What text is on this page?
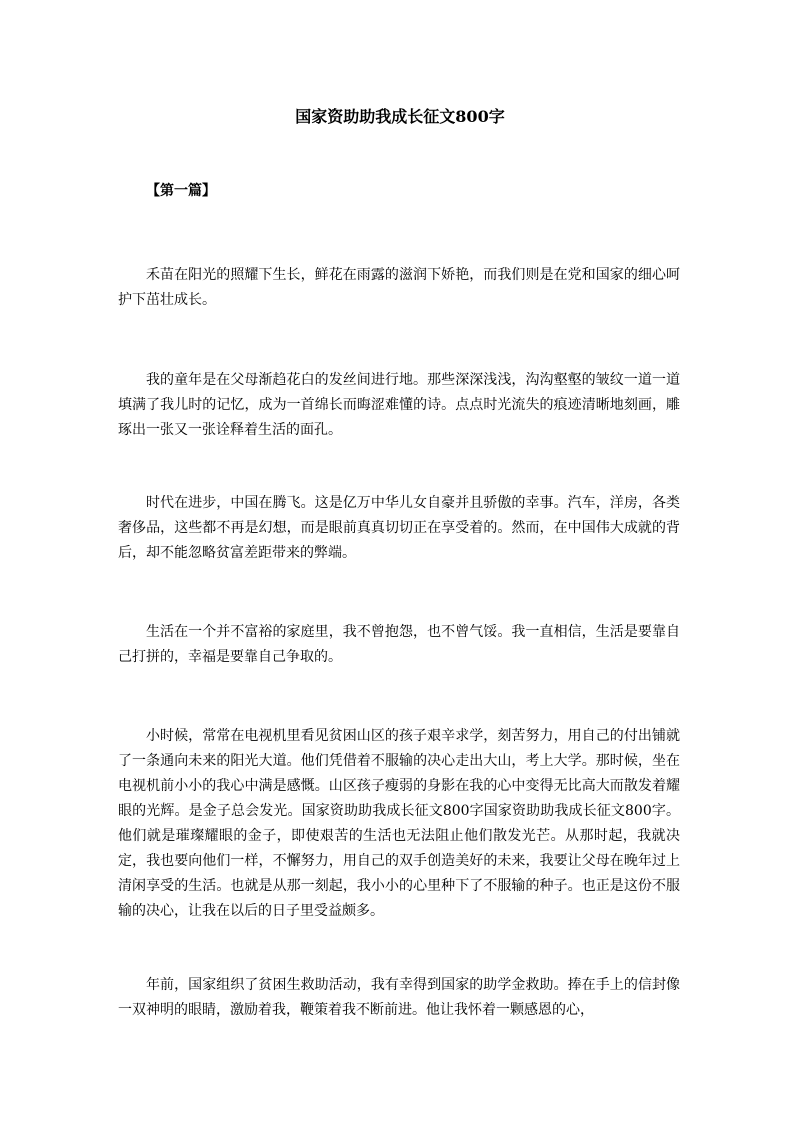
国家资助助我成长征文800字
【第一篇】

禾苗在阳光的照耀下生长，鲜花在雨露的滋润下娇艳，而我们则是在党和国家的细心呵护下茁壮成长。

我的童年是在父母渐趋花白的发丝间进行地。那些深深浅浅，沟沟壑壑的皱纹一道一道填满了我儿时的记忆，成为一首绵长而晦涩难懂的诗。点点时光流失的痕迹清晰地刻画，雕琢出一张又一张诠释着生活的面孔。

时代在进步，中国在腾飞。这是亿万中华儿女自豪并且骄傲的幸事。汽车，洋房，各类奢侈品，这些都不再是幻想，而是眼前真真切切正在享受着的。然而，在中国伟大成就的背后，却不能忽略贫富差距带来的弊端。

生活在一个并不富裕的家庭里，我不曾抱怨，也不曾气馁。我一直相信，生活是要靠自己打拼的，幸福是要靠自己争取的。

小时候，常常在电视机里看见贫困山区的孩子艰辛求学，刻苦努力，用自己的付出铺就了一条通向未来的阳光大道。他们凭借着不服输的决心走出大山，考上大学。那时候，坐在电视机前小小的我心中满是感慨。山区孩子瘦弱的身影在我的心中变得无比高大而散发着耀眼的光辉。是金子总会发光。国家资助助我成长征文800字国家资助助我成长征文800字。他们就是璀璨耀眼的金子，即使艰苦的生活也无法阻止他们散发光芒。从那时起，我就决定，我也要向他们一样，不懈努力，用自己的双手创造美好的未来，我要让父母在晚年过上清闲享受的生活。也就是从那一刻起，我小小的心里种下了不服输的种子。也正是这份不服输的决心，让我在以后的日子里受益颇多。

年前，国家组织了贫困生救助活动，我有幸得到国家的助学金救助。捧在手上的信封像一双神明的眼睛，激励着我，鞭策着我不断前进。他让我怀着一颗感恩的心，
